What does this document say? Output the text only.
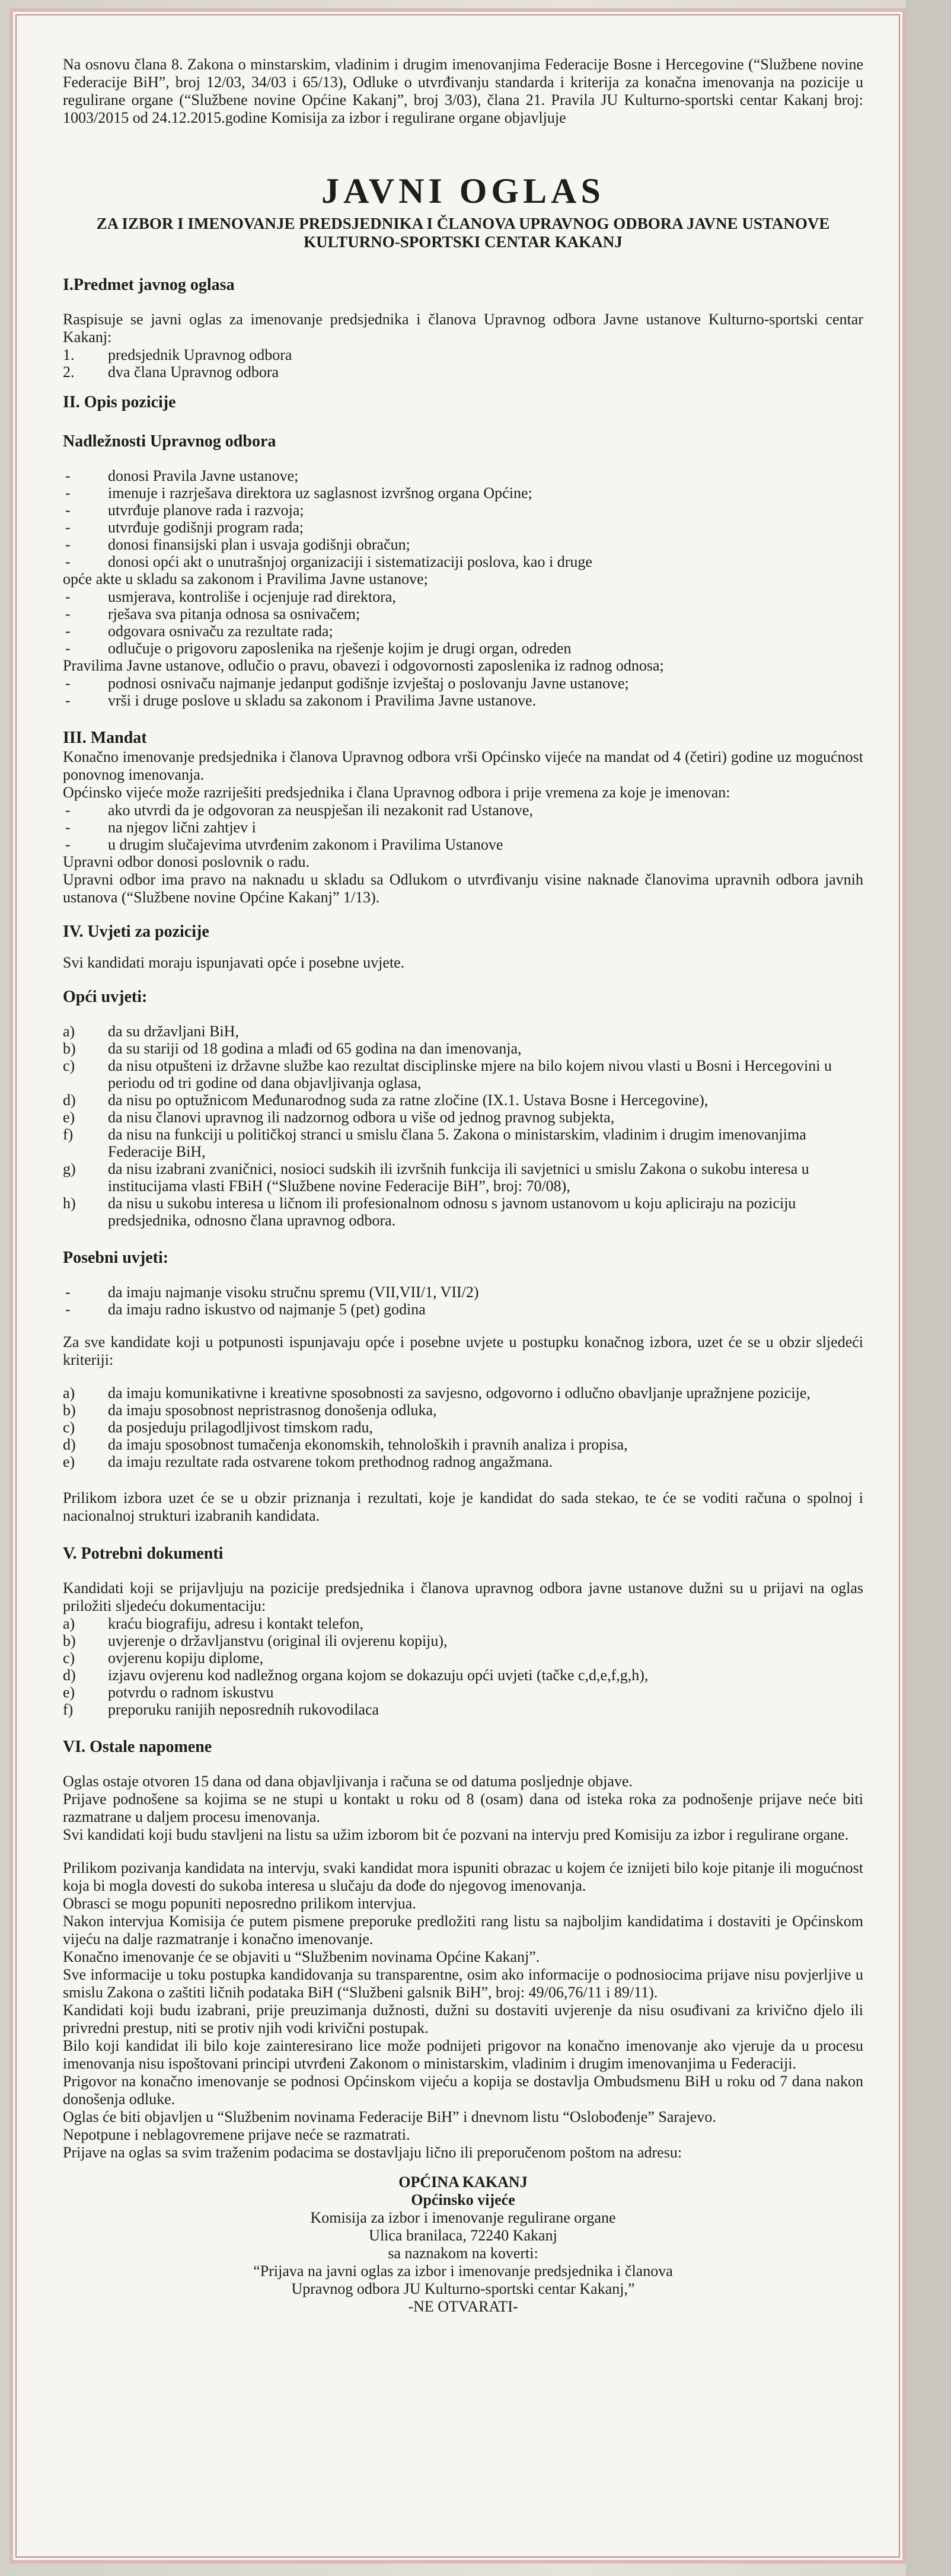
Na osnovu člana 8. Zakona o minstarskim, vladinim i drugim imenovanjima Federacije Bosne i Hercegovine (“Službene novine Federacije BiH”, broj 12/03, 34/03 i 65/13), Odluke o utvrđivanju standarda i kriterija za konačna imenovanja na pozicije u regulirane organe (“Službene novine Općine Kakanj”, broj 3/03), člana 21. Pravila JU Kulturno-sportski centar Kakanj broj: 1003/2015 od 24.12.2015.godine Komisija za izbor i regulirane organe objavljuje

JAVNI OGLAS
ZA IZBOR I IMENOVANJE PREDSJEDNIKA I ČLANOVA UPRAVNOG ODBORA JAVNE USTANOVE KULTURNO-SPORTSKI CENTAR KAKANJ
I.Predmet javnog oglasa

Raspisuje se javni oglas za imenovanje predsjednika i članova Upravnog odbora Javne ustanove Kulturno-sportski centar Kakanj:

1.	predsjednik Upravnog odbora
2.	dva člana Upravnog odbora
II. Opis pozicije
Nadležnosti Upravnog odbora
-	donosi Pravila Javne ustanove;
-	imenuje i razrješava direktora uz saglasnost izvršnog organa Općine;
-	utvrđuje planove rada i razvoja;
-	utvrđuje godišnji program rada;
-	donosi finansijski plan i usvaja godišnji obračun;
-	donosi opći akt o unutrašnjoj organizaciji i sistematizaciji poslova, kao i druge

opće akte u skladu sa zakonom i Pravilima Javne ustanove;

-	usmjerava, kontroliše i ocjenjuje rad direktora,
-	rješava sva pitanja odnosa sa osnivačem;
-	odgovara osnivaču za rezultate rada;
-	odlučuje o prigovoru zaposlenika na rješenje kojim je drugi organ, odreden

Pravilima Javne ustanove, odlučio o pravu, obavezi i odgovornosti zaposlenika iz radnog odnosa;

-	podnosi osnivaču najmanje jedanput godišnje izvještaj o poslovanju Javne ustanove;
-	vrši i druge poslove u skladu sa zakonom i Pravilima Javne ustanove.
III. Mandat

Konačno imenovanje predsjednika i članova Upravnog odbora vrši Općinsko vijeće na mandat od 4 (četiri) godine uz mogućnost ponovnog imenovanja.

Općinsko vijeće može razriješiti predsjednika i člana Upravnog odbora i prije vremena za koje je imenovan:

-	ako utvrdi da je odgovoran za neuspješan ili nezakonit rad Ustanove,
-	na njegov lični zahtjev i
-	u drugim slučajevima utvrđenim zakonom i Pravilima Ustanove

Upravni odbor donosi poslovnik o radu.

Upravni odbor ima pravo na naknadu u skladu sa Odlukom o utvrđivanju visine naknade članovima upravnih odbora javnih ustanova (“Službene novine Općine Kakanj” 1/13).

IV. Uvjeti za pozicije

Svi kandidati moraju ispunjavati opće i posebne uvjete.

Opći uvjeti:
a)	da su državljani BiH,
b)	da su stariji od 18 godina a mlađi od 65 godina na dan imenovanja,
c)	da nisu otpušteni iz državne službe kao rezultat disciplinske mjere na bilo kojem nivou vlasti u Bosni i Hercegovini u periodu od tri godine od dana objavljivanja oglasa,
d)	da nisu po optužnicom Međunarodnog suda za ratne zločine (IX.1. Ustava Bosne i Hercegovine),
e)	da nisu članovi upravnog ili nadzornog odbora u više od jednog pravnog subjekta,
f)	da nisu na funkciji u političkoj stranci u smislu člana 5. Zakona o ministarskim, vladinim i drugim imenovanjima Federacije BiH,
g)	da nisu izabrani zvaničnici, nosioci sudskih ili izvršnih funkcija ili savjetnici u smislu Zakona o sukobu interesa u institucijama vlasti FBiH (“Službene novine Federacije BiH”, broj: 70/08),
h)	da nisu u sukobu interesa u ličnom ili profesionalnom odnosu s javnom ustanovom u koju apliciraju na poziciju predsjednika, odnosno člana upravnog odbora.
Posebni uvjeti:
-	da imaju najmanje visoku stručnu spremu (VII,VII/1, VII/2)
-	da imaju radno iskustvo od najmanje 5 (pet) godina

Za sve kandidate koji u potpunosti ispunjavaju opće i posebne uvjete u postupku konačnog izbora, uzet će se u obzir sljedeći kriteriji:

a)	da imaju komunikativne i kreativne sposobnosti za savjesno, odgovorno i odlučno obavljanje upražnjene pozicije,
b)	da imaju sposobnost nepristrasnog donošenja odluka,
c)	da posjeduju prilagodljivost timskom radu,
d)	da imaju sposobnost tumačenja ekonomskih, tehnoloških i pravnih analiza i propisa,
e)	da imaju rezultate rada ostvarene tokom prethodnog radnog angažmana.

Prilikom izbora uzet će se u obzir priznanja i rezultati, koje je kandidat do sada stekao, te će se voditi računa o spolnoj i nacionalnoj strukturi izabranih kandidata.

V. Potrebni dokumenti

Kandidati koji se prijavljuju na pozicije predsjednika i članova upravnog odbora javne ustanove dužni su u prijavi na oglas priložiti sljedeću dokumentaciju:

a)	kraću biografiju, adresu i kontakt telefon,
b)	uvjerenje o državljanstvu (original ili ovjerenu kopiju),
c)	ovjerenu kopiju diplome,
d)	izjavu ovjerenu kod nadležnog organa kojom se dokazuju opći uvjeti (tačke c,d,e,f,g,h),
e)	potvrdu o radnom iskustvu
f)	preporuku ranijih neposrednih rukovodilaca
VI. Ostale napomene

Oglas ostaje otvoren 15 dana od dana objavljivanja i računa se od datuma posljednje objave.

Prijave podnošene sa kojima se ne stupi u kontakt u roku od 8 (osam) dana od isteka roka za podnošenje prijave neće biti razmatrane u daljem procesu imenovanja.

Svi kandidati koji budu stavljeni na listu sa užim izborom bit će pozvani na intervju pred Komisiju za izbor i regulirane organe.

Prilikom pozivanja kandidata na intervju, svaki kandidat mora ispuniti obrazac u kojem će iznijeti bilo koje pitanje ili mogućnost koja bi mogla dovesti do sukoba interesa u slučaju da dođe do njegovog imenovanja.

Obrasci se mogu popuniti neposredno prilikom intervjua.

Nakon intervjua Komisija će putem pismene preporuke predložiti rang listu sa najboljim kandidatima i dostaviti je Općinskom vijeću na dalje razmatranje i konačno imenovanje.

Konačno imenovanje će se objaviti u “Službenim novinama Općine Kakanj”.

Sve informacije u toku postupka kandidovanja su transparentne, osim ako informacije o podnosiocima prijave nisu povjerljive u smislu Zakona o zaštiti ličnih podataka BiH (“Službeni galsnik BiH”, broj: 49/06,76/11 i 89/11).

Kandidati koji budu izabrani, prije preuzimanja dužnosti, dužni su dostaviti uvjerenje da nisu osuđivani za krivično djelo ili privredni prestup, niti se protiv njih vodi krivični postupak.

Bilo koji kandidat ili bilo koje zainteresirano lice može podnijeti prigovor na konačno imenovanje ako vjeruje da u procesu imenovanja nisu ispoštovani principi utvrđeni Zakonom o ministarskim, vladinim i drugim imenovanjima u Federaciji.

Prigovor na konačno imenovanje se podnosi Općinskom vijeću a kopija se dostavlja Ombudsmenu BiH u roku od 7 dana nakon donošenja odluke.

Oglas će biti objavljen u “Službenim novinama Federacije BiH” i dnevnom listu “Oslobođenje” Sarajevo.

Nepotpune i neblagovremene prijave neće se razmatrati.

Prijave na oglas sa svim traženim podacima se dostavljaju lično ili preporučenom poštom na adresu:

OPĆINA KAKANJ
Općinsko vijeće
Komisija za izbor i imenovanje regulirane organe
Ulica branilaca, 72240 Kakanj
sa naznakom na koverti:
“Prijava na javni oglas za izbor i imenovanje predsjednika i članova
Upravnog odbora JU Kulturno-sportski centar Kakanj,”
-NE OTVARATI-
